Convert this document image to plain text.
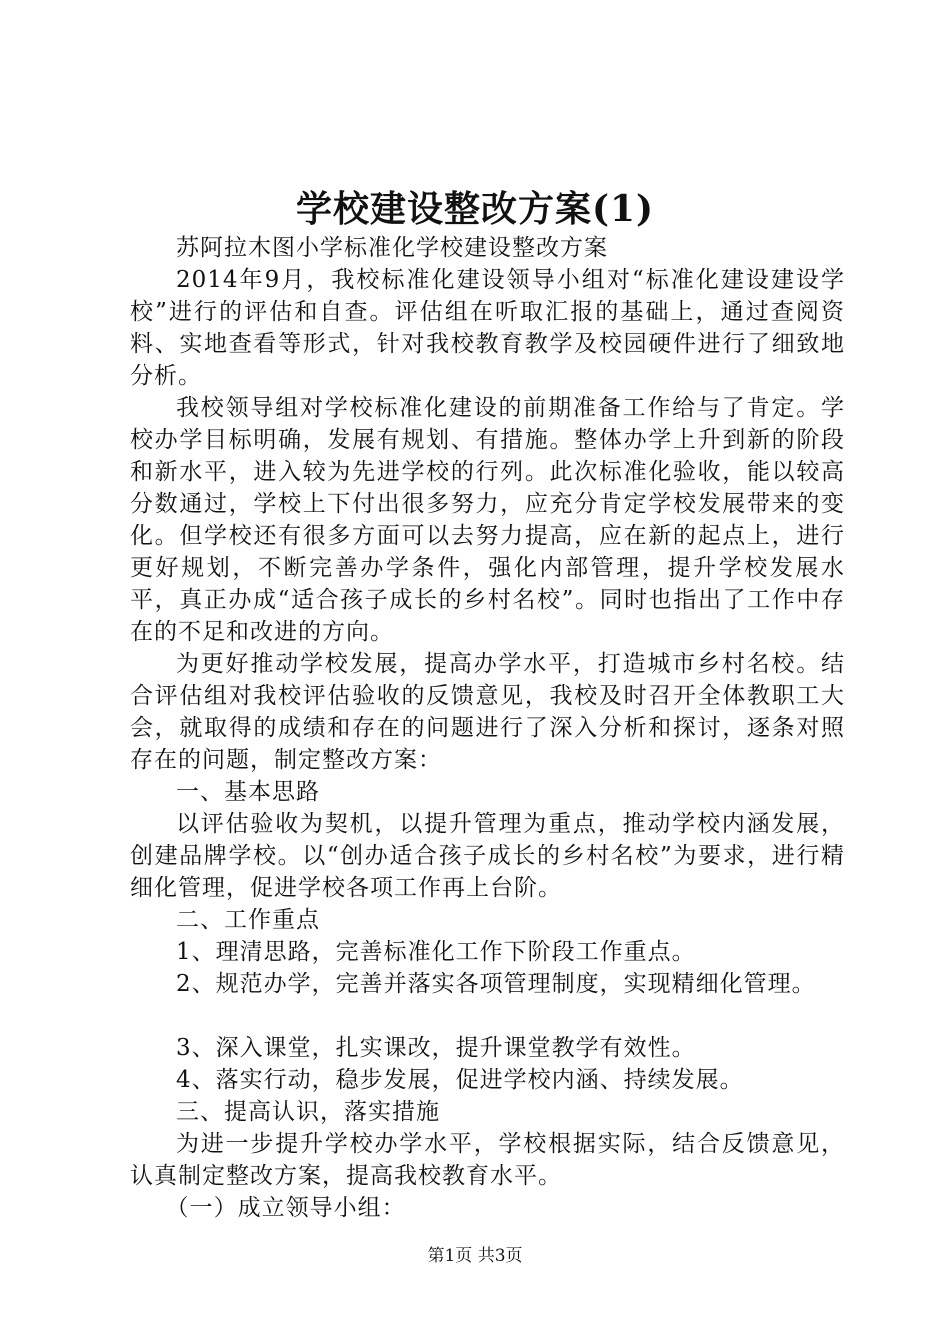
学校建设整改方案(1)

苏阿拉木图小学标准化学校建设整改方案

2014年9月，我校标准化建设领导小组对“标准化建设建设学校”进行的评估和自查。评估组在听取汇报的基础上，通过查阅资料、实地查看等形式，针对我校教育教学及校园硬件进行了细致地分析。

我校领导组对学校标准化建设的前期准备工作给与了肯定。学校办学目标明确，发展有规划、有措施。整体办学上升到新的阶段和新水平，进入较为先进学校的行列。此次标准化验收，能以较高分数通过，学校上下付出很多努力，应充分肯定学校发展带来的变化。但学校还有很多方面可以去努力提高，应在新的起点上，进行更好规划，不断完善办学条件，强化内部管理，提升学校发展水平，真正办成“适合孩子成长的乡村名校”。同时也指出了工作中存在的不足和改进的方向。

为更好推动学校发展，提高办学水平，打造城市乡村名校。结合评估组对我校评估验收的反馈意见，我校及时召开全体教职工大会，就取得的成绩和存在的问题进行了深入分析和探讨，逐条对照存在的问题，制定整改方案：

一、基本思路

以评估验收为契机，以提升管理为重点，推动学校内涵发展，创建品牌学校。以“创办适合孩子成长的乡村名校”为要求，进行精细化管理，促进学校各项工作再上台阶。

二、工作重点

1、理清思路，完善标准化工作下阶段工作重点。

2、规范办学，完善并落实各项管理制度，实现精细化管理。

3、深入课堂，扎实课改，提升课堂教学有效性。

4、落实行动，稳步发展，促进学校内涵、持续发展。

三、提高认识，落实措施

为进一步提升学校办学水平，学校根据实际，结合反馈意见，认真制定整改方案，提高我校教育水平。

（一）成立领导小组：

第1页 共3页
